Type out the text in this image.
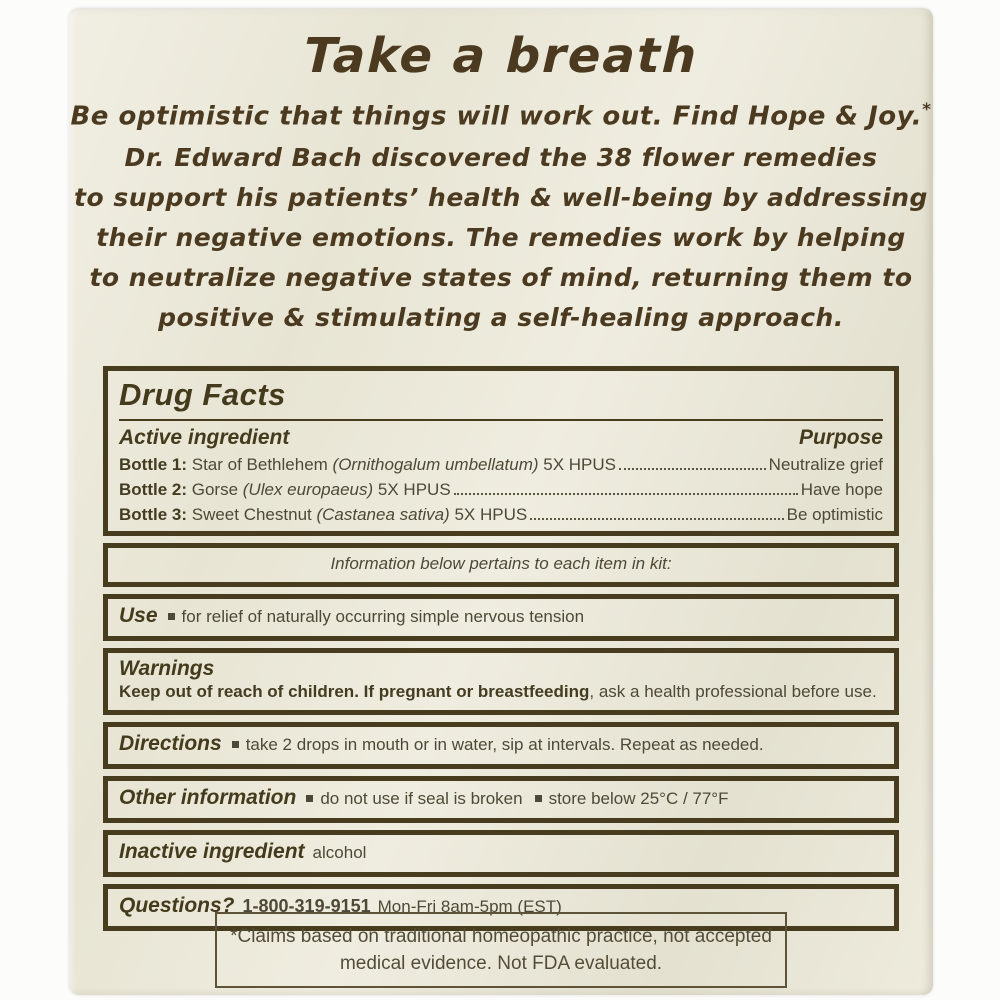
Take a breath
Be optimistic that things will work out. Find Hope & Joy.*
Dr. Edward Bach discovered the 38 flower remedies
to support his patients’ health & well-being by addressing
their negative emotions. The remedies work by helping
to neutralize negative states of mind, returning them to
positive & stimulating a self-healing approach.
Drug Facts
Active ingredient	Purpose
Bottle 1: Star of Bethlehem (Ornithogalum umbellatum) 5X HPUS	Neutralize grief
Bottle 2: Gorse (Ulex europaeus) 5X HPUS	Have hope
Bottle 3: Sweet Chestnut (Castanea sativa) 5X HPUS	Be optimistic
Information below pertains to each item in kit:
Use for relief of naturally occurring simple nervous tension
Warnings
Keep out of reach of children. If pregnant or breastfeeding, ask a health professional before use.
Directions take 2 drops in mouth or in water, sip at intervals. Repeat as needed.
Other information do not use if seal is broken store below 25°C / 77°F
Inactive ingredient alcohol
Questions? 1-800-319-9151 Mon-Fri 8am-5pm (EST)
*Claims based on traditional homeopathic practice, not accepted medical evidence. Not FDA evaluated.
